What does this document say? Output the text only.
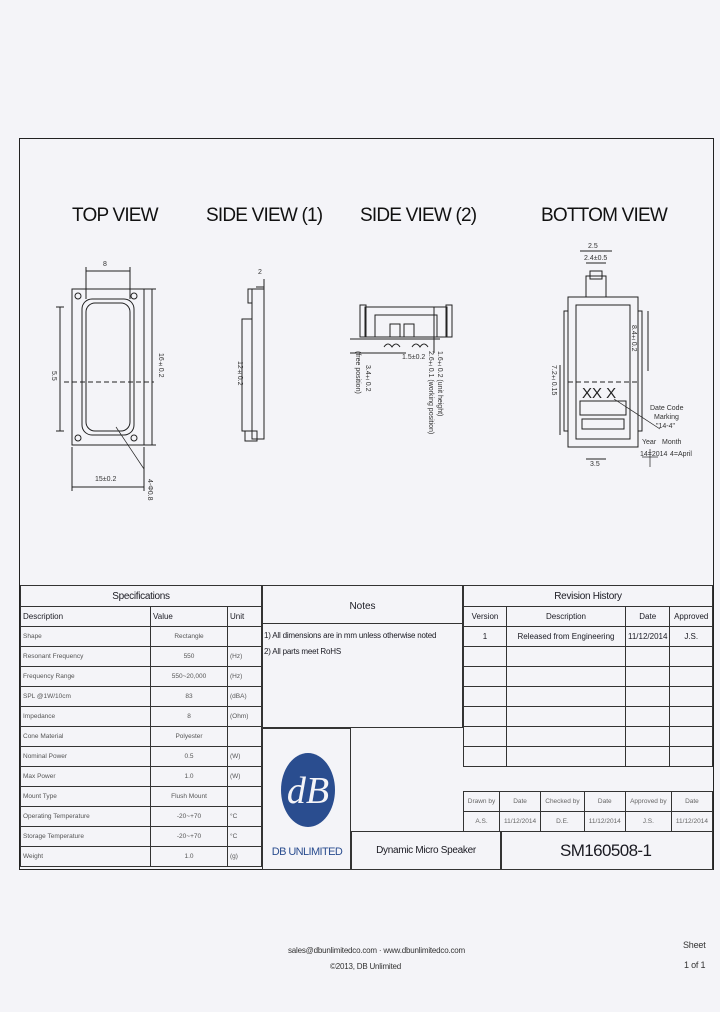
TOP VIEW	SIDE VIEW (1) SIDE VIEW (2)	BOTTOM VIEW
8
16±0.2
5.5
15±0.2	4-Φ0.8
2
12±0.2	1.6±0.2 (unit height)
2.6±0.1 (working position)
3.4±0.2
(free position)	1.5±0.2
2.5
2.4±0.5
8.4±0.2
7.2±0.15
3.5
XX X
Date Code
Marking
"14-4"
Year Month
14=2014 4=April
Specifications		
Description	Value	Unit
Shape	Rectangle	
Resonant Frequency	550	(Hz)
Frequency Range	550~20,000	(Hz)
SPL @1W/10cm	83	(dBA)
Impedance	8	(Ohm)
Cone Material	Polyester	
Nominal Power	0.5	(W)
Max Power	1.0	(W)
Mount Type	Flush Mount	
Operating Temperature	-20~+70	°C
Storage Temperature	-20~+70	°C
Weight	1.0	(g)
Notes
1) All dimensions are in mm unless otherwise noted
2) All parts meet RoHS
dB
DB UNLIMITED
Revision History			
Version	Description	Date	Approved
1	Released from Engineering	11/12/2014	J.S.

Drawn by	Date	Checked by	Date	Approved by	Date
A.S.	11/12/2014	D.E.	11/12/2014	J.S.	11/12/2014
Dynamic Micro Speaker	SM160508-1
sales@dbunlimitedco.com · www.dbunlimitedco.com
©2013, DB Unlimited
Sheet
1 of 1
